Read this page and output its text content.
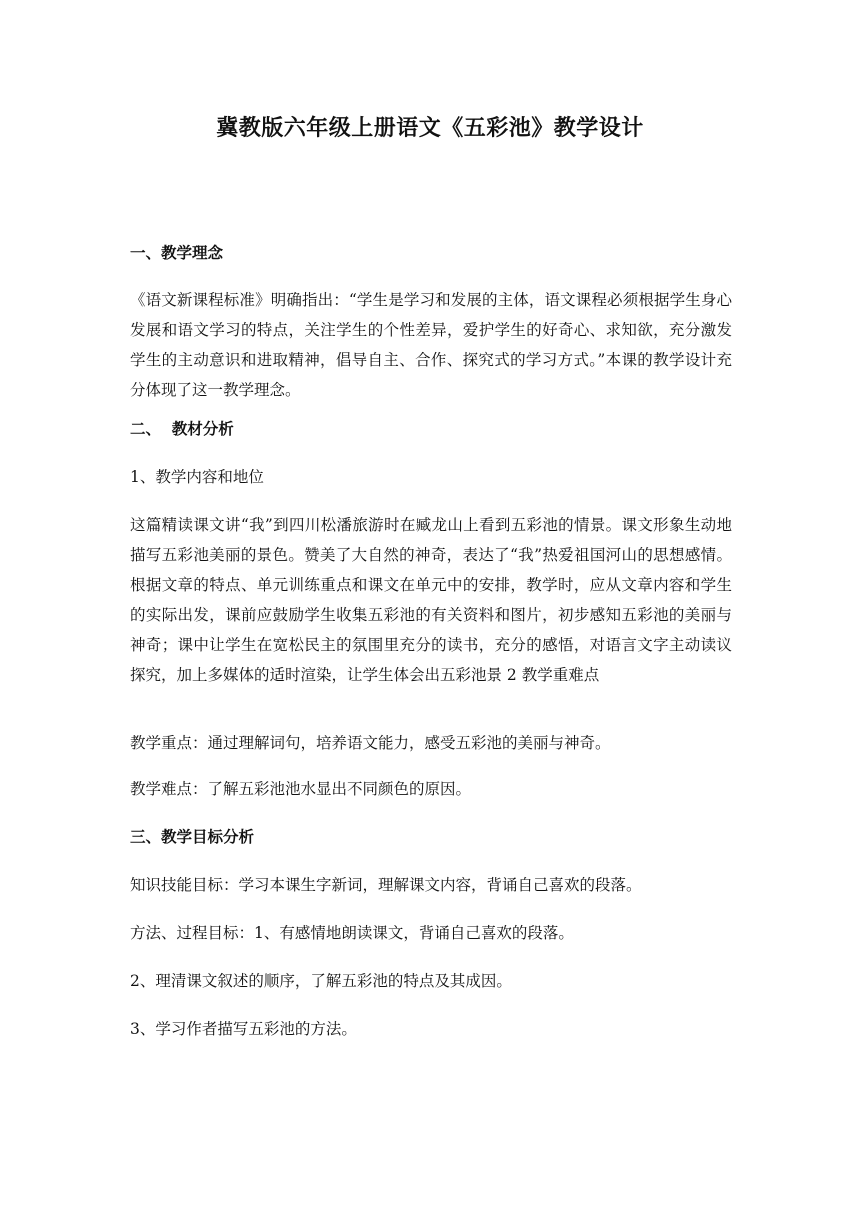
冀教版六年级上册语文《五彩池》教学设计
一、教学理念
《语文新课程标准》明确指出：“学生是学习和发展的主体，语文课程必须根据学生身心发展和语文学习的特点，关注学生的个性差异，爱护学生的好奇心、求知欲，充分激发学生的主动意识和进取精神，倡导自主、合作、探究式的学习方式。”本课的教学设计充分体现了这一教学理念。
二、  教材分析
1、教学内容和地位
这篇精读课文讲“我”到四川松潘旅游时在臧龙山上看到五彩池的情景。课文形象生动地描写五彩池美丽的景色。赞美了大自然的神奇，表达了“我”热爱祖国河山的思想感情。根据文章的特点、单元训练重点和课文在单元中的安排，教学时，应从文章内容和学生的实际出发，课前应鼓励学生收集五彩池的有关资料和图片，初步感知五彩池的美丽与神奇；课中让学生在宽松民主的氛围里充分的读书，充分的感悟，对语言文字主动读议探究，加上多媒体的适时渲染，让学生体会出五彩池景 2 教学重难点
教学重点：通过理解词句，培养语文能力，感受五彩池的美丽与神奇。
教学难点：了解五彩池池水显出不同颜色的原因。
三、教学目标分析
知识技能目标：学习本课生字新词，理解课文内容，背诵自己喜欢的段落。
方法、过程目标：1、有感情地朗读课文，背诵自己喜欢的段落。
2、理清课文叙述的顺序，了解五彩池的特点及其成因。
3、学习作者描写五彩池的方法。
